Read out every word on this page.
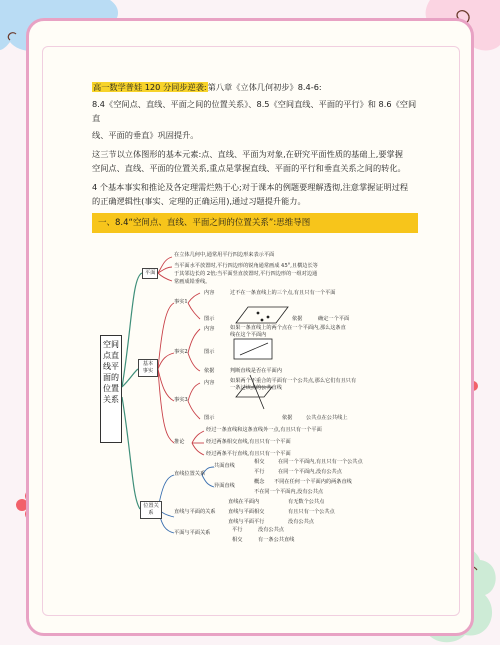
高一数学普娃 120 分同步逆袭:第八章《立体几何初步》8.4-6:

8.4《空间点、直线、平面之间的位置关系》、8.5《空间直线、平面的平行》和 8.6《空间直

线、平面的垂直》巩固提升。

这三节以立体图形的基本元素:点、直线、平面为对象,在研究平面性质的基础上,要掌握

空间点、直线、平面的位置关系,重点是掌握直线、平面的平行和垂直关系之间的转化。

4 个基本事实和推论及各定理需烂熟于心;对于课本的例题要理解透彻,注意掌握证明过程

的正确逻辑性(事实、定理的正确运用),通过习题提升能力。

一、8.4“空间点、直线、平面之间的位置关系”:思维导图
空间点直线平面的位置关系
平面
在立体几何中,通常用平行四边形来表示平面
当平面水平放置时,平行四边形的锐角通常画成 45°,且横边长等
于其邻边长的 2倍;当平面竖直放置时,平行四边形的一组对边通
常画成铅垂线。
基本事实
事实1
事实2
事实3
推论
内容	过不在一条直线上的三个点,有且只有一个平面
图示	依据	确定一个平面
内容	如果一条直线上的两个点在一个平面内,那么这条直线在这个平面内
图示
依据	判断直线是否在平面内
内容	如果两个不重合的平面有一个公共点,那么它们有且只有一条过该点的公共直线
图示	依据	公共点在公共线上
经过一条直线和这条直线外一点,有且只有一个平面
经过两条相交直线,有且只有一个平面
经过两条平行直线,有且只有一个平面
位置关系
直线位置关系
共面直线
相交	在同一个平面内,有且只有一个公共点
平行	在同一个平面内,没有公共点
异面直线
概念 不同在任何一个平面内的两条直线
不在同一个平面内,没有公共点
直线与平面的关系
直线在平面内	有无数个公共点
直线与平面相交	有且只有一个公共点
直线与平面平行	没有公共点
平面与平面关系	平行	没有公共点
相交	有一条公共直线
